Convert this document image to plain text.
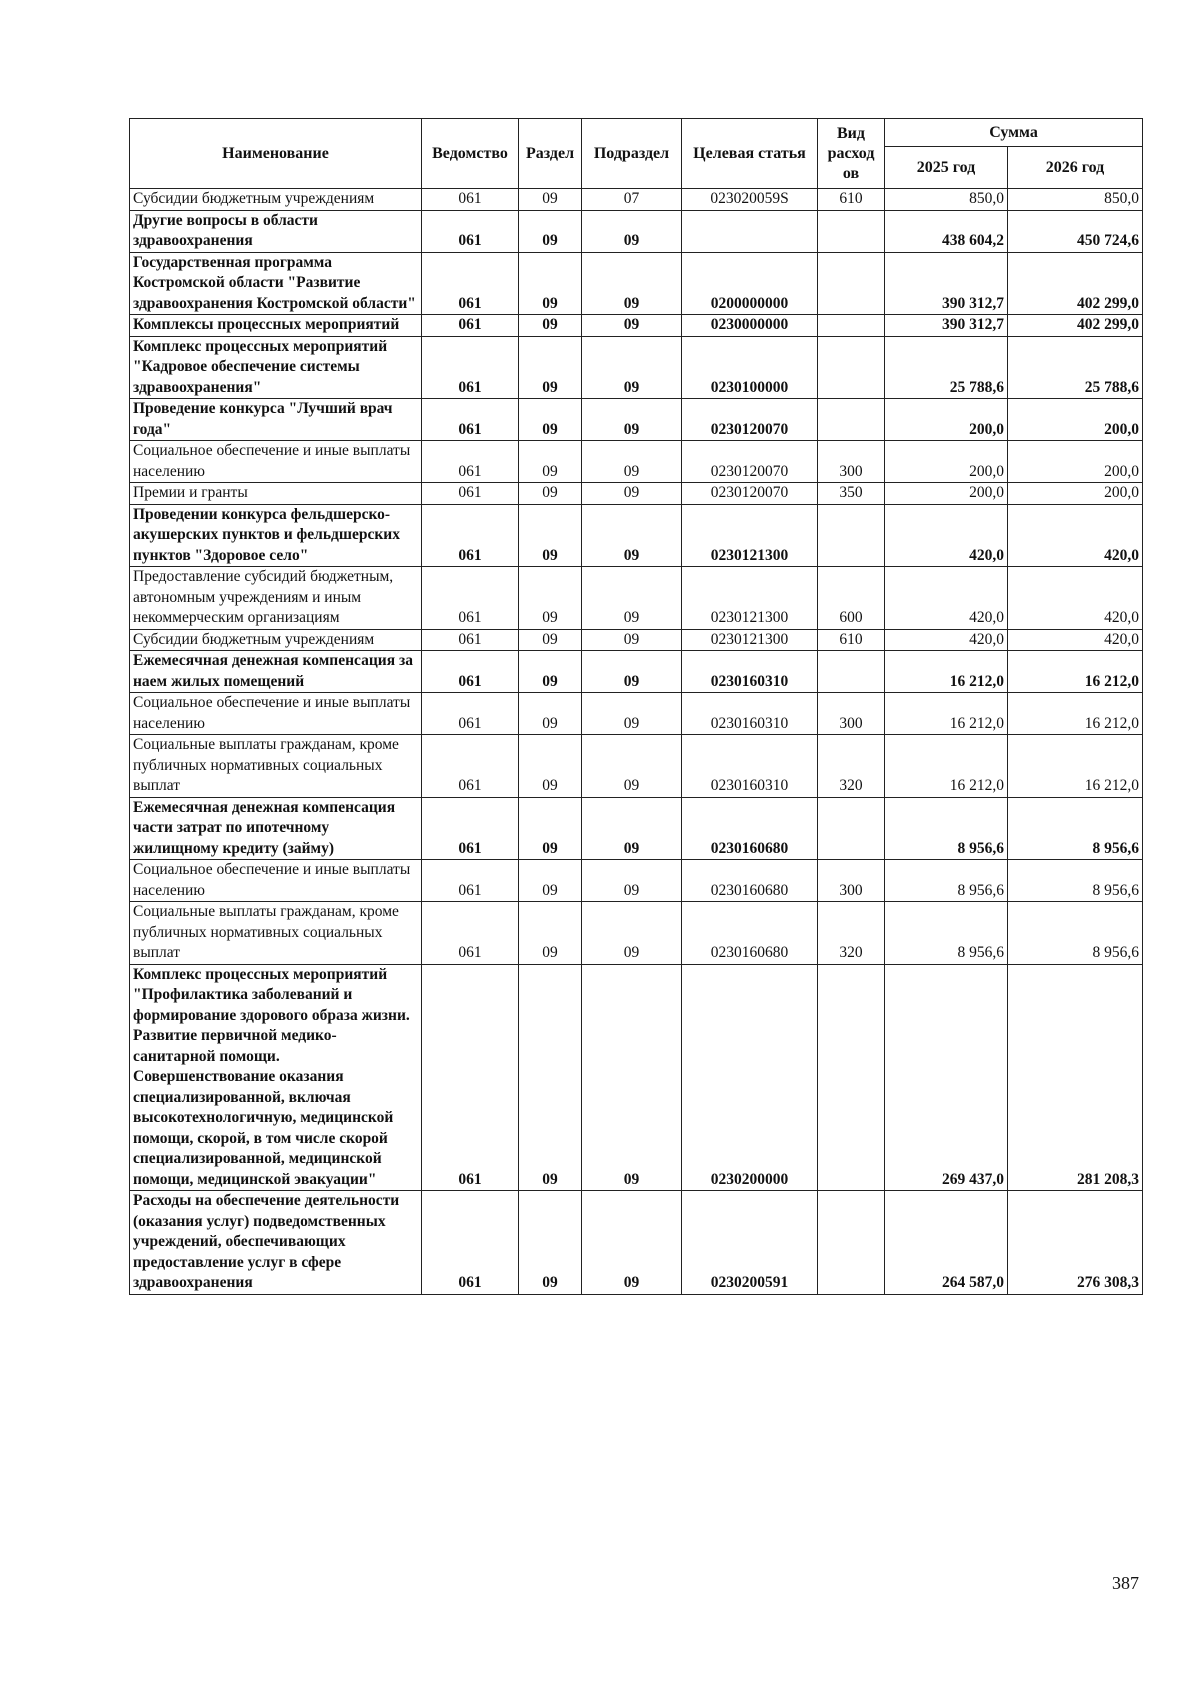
Наименование	Ведомство	Раздел	Подраздел	Целевая статья	Вид расход ов	Сумма	
						2025 год	2026 год
Субсидии бюджетным учреждениям	061	09	07	023020059S	610	850,0	850,0
Другие вопросы в области здравоохранения	061	09	09			438 604,2	450 724,6
Государственная программа Костромской области "Развитие здравоохранения Костромской области"	061	09	09	0200000000		390 312,7	402 299,0
Комплексы процессных мероприятий	061	09	09	0230000000		390 312,7	402 299,0
Комплекс процессных мероприятий "Кадровое обеспечение системы здравоохранения"	061	09	09	0230100000		25 788,6	25 788,6
Проведение конкурса "Лучший врач года"	061	09	09	0230120070		200,0	200,0
Социальное обеспечение и иные выплаты населению	061	09	09	0230120070	300	200,0	200,0
Премии и гранты	061	09	09	0230120070	350	200,0	200,0
Проведении конкурса фельдшерско-акушерских пунктов и фельдшерских пунктов "Здоровое село"	061	09	09	0230121300		420,0	420,0
Предоставление субсидий бюджетным, автономным учреждениям и иным некоммерческим организациям	061	09	09	0230121300	600	420,0	420,0
Субсидии бюджетным учреждениям	061	09	09	0230121300	610	420,0	420,0
Ежемесячная денежная компенсация за наем жилых помещений	061	09	09	0230160310		16 212,0	16 212,0
Социальное обеспечение и иные выплаты населению	061	09	09	0230160310	300	16 212,0	16 212,0
Социальные выплаты гражданам, кроме публичных нормативных социальных выплат	061	09	09	0230160310	320	16 212,0	16 212,0
Ежемесячная денежная компенсация части затрат по ипотечному жилищному кредиту (займу)	061	09	09	0230160680		8 956,6	8 956,6
Социальное обеспечение и иные выплаты населению	061	09	09	0230160680	300	8 956,6	8 956,6
Социальные выплаты гражданам, кроме публичных нормативных социальных выплат	061	09	09	0230160680	320	8 956,6	8 956,6
Комплекс процессных мероприятий "Профилактика заболеваний и формирование здорового образа жизни. Развитие первичной медико-санитарной помощи. Совершенствование оказания специализированной, включая высокотехнологичную, медицинской помощи, скорой, в том числе скорой специализированной, медицинской помощи, медицинской эвакуации"	061	09	09	0230200000		269 437,0	281 208,3
Расходы на обеспечение деятельности (оказания услуг) подведомственных учреждений, обеспечивающих предоставление услуг в сфере здравоохранения	061	09	09	0230200591		264 587,0	276 308,3
387
